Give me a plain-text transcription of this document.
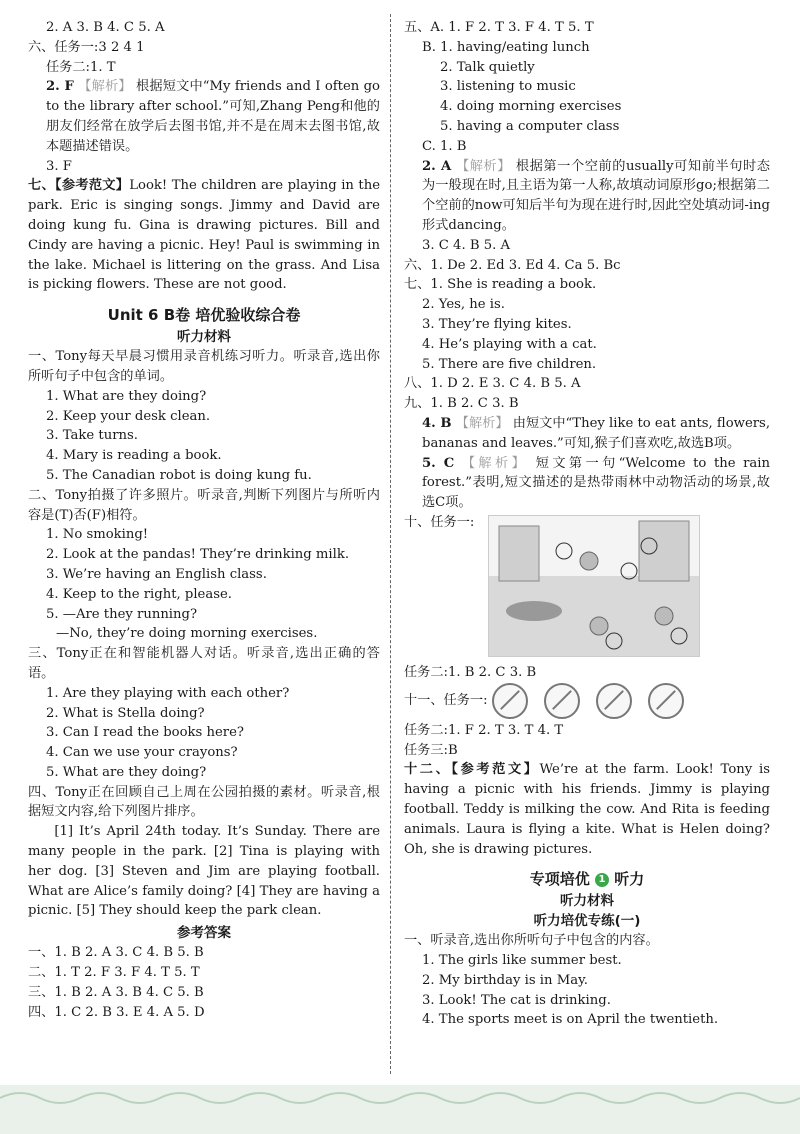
2. A 3. B 4. C 5. A
六、任务一:3 2 4 1
任务二:1. T
2. F 【解析】 根据短文中“My friends and I often go to the library after school.”可知,Zhang Peng和他的朋友们经常在放学后去图书馆,并不是在周末去图书馆,故本题描述错误。
3. F
七、【参考范文】Look! The children are playing in the park. Eric is singing songs. Jimmy and David are doing kung fu. Gina is drawing pictures. Bill and Cindy are having a picnic. Hey! Paul is swimming in the lake. Michael is littering on the grass. And Lisa is picking flowers. These are not good.
Unit 6 B卷 培优验收综合卷
听力材料
一、Tony每天早晨习惯用录音机练习听力。听录音,选出你所听句子中包含的单词。
1. What are they doing?
2. Keep your desk clean.
3. Take turns.
4. Mary is reading a book.
5. The Canadian robot is doing kung fu.
二、Tony拍摄了许多照片。听录音,判断下列图片与所听内容是(T)否(F)相符。
1. No smoking!
2. Look at the pandas! They’re drinking milk.
3. We’re having an English class.
4. Keep to the right, please.
5. —Are they running?
—No, they’re doing morning exercises.
三、Tony正在和智能机器人对话。听录音,选出正确的答语。
1. Are they playing with each other?
2. What is Stella doing?
3. Can I read the books here?
4. Can we use your crayons?
5. What are they doing?
四、Tony正在回顾自己上周在公园拍摄的素材。听录音,根据短文内容,给下列图片排序。
[1] It’s April 24th today. It’s Sunday. There are many people in the park. [2] Tina is playing with her dog. [3] Steven and Jim are playing football. What are Alice’s family doing? [4] They are having a picnic. [5] They should keep the park clean.
参考答案
一、1. B 2. A 3. C 4. B 5. B
二、1. T 2. F 3. F 4. T 5. T
三、1. B 2. A 3. B 4. C 5. B
四、1. C 2. B 3. E 4. A 5. D
五、A. 1. F 2. T 3. F 4. T 5. T
B. 1. having/eating lunch
2. Talk quietly
3. listening to music
4. doing morning exercises
5. having a computer class
C. 1. B
2. A 【解析】 根据第一个空前的usually可知前半句时态为一般现在时,且主语为第一人称,故填动词原形go;根据第二个空前的now可知后半句为现在进行时,因此空处填动词-ing形式dancing。
3. C 4. B 5. A
六、1. De 2. Ed 3. Ed 4. Ca 5. Bc
七、1. She is reading a book.
2. Yes, he is.
3. They’re flying kites.
4. He’s playing with a cat.
5. There are five children.
八、1. D 2. E 3. C 4. B 5. A
九、1. B 2. C 3. B
4. B 【解析】 由短文中“They like to eat ants, flowers, bananas and leaves.”可知,猴子们喜欢吃,故选B项。
5. C 【解析】 短文第一句“Welcome to the rain forest.”表明,短文描述的是热带雨林中动物活动的场景,故选C项。
十、任务一:
任务二:1. B 2. C 3. B
十一、任务一:
任务二:1. F 2. T 3. T 4. T
任务三:B
十二、【参考范文】We’re at the farm. Look! Tony is having a picnic with his friends. Jimmy is playing football. Teddy is milking the cow. And Rita is feeding animals. Laura is flying a kite. What is Helen doing? Oh, she is drawing pictures.
专项培优 1 听力
听力材料
听力培优专练(一)
一、听录音,选出你所听句子中包含的内容。
1. The girls like summer best.
2. My birthday is in May.
3. Look! The cat is drinking.
4. The sports meet is on April the twentieth.
